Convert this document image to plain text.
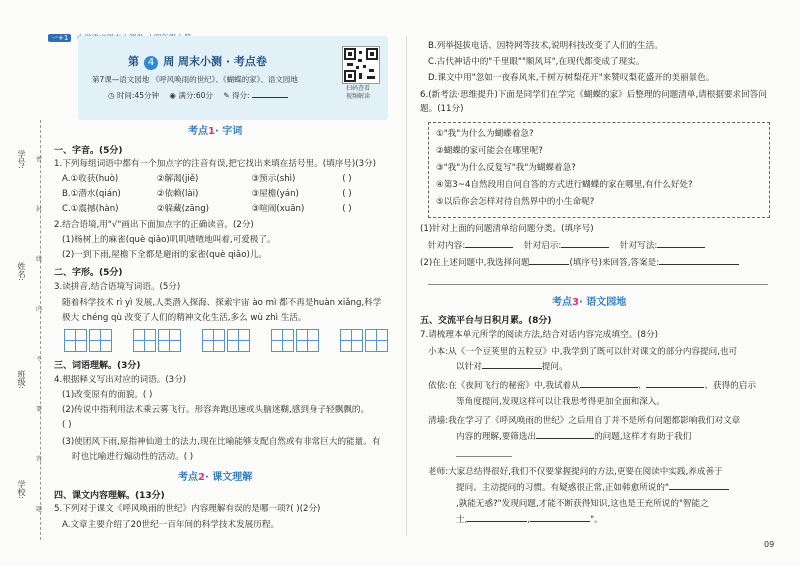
一+1
第 4 周 周末小测 · 考点卷
第7课—语文园地 《呼风唤雨的世纪》、《蝴蝶的家》、语文园地
◷ 时间:45分钟 ◉ 满分:60分 ✎ 得分:
扫码查看
视频解读
学号:
姓名:
班级:
学校:
密
封
线
内
不
要
答
题
考点1· 字词
一、字音。(5分)
1.下列每组词语中都有一个加点字的注音有误,把它找出来填在括号里。(填序号)(3分)
A.①收获(huò)	②解渴(jiě)	③预示(shì)	( )
B.①潜水(qián)	②依赖(lài)	③屋檐(yán)	( )
C.①震撼(hàn)	②躲藏(zāng)	③喧闹(xuān)	( )
2.结合语境,用"√"画出下面加点字的正确读音。(2分)
(1)杨树上的麻雀(què qiǎo)叽叽喳喳地叫着,可爱极了。
(2)一到下雨,屋檐下全都是避雨的家雀(què qiǎo)儿。
二、字形。(5分)
3.读拼音,结合语境写词语。(5分)
随着科学技术 rì yì 发展,人类潜入探海、探索宇宙 ào mì 都不再是huàn xiǎng,科学
极大 chéng qù 改变了人们的精神文化生活,多么 wù zhì 生活。

三、词语理解。(3分)
4.根据释义写出对应的词语。(3分)
(1)改变原有的面貌。( )
(2)传说中指利用法术乘云雾飞行。形容奔跑迅速或头脑迷糊,感到身子轻飘飘的。
( )
(3)使团风下雨,原指神仙道士的法力,现在比喻能够支配自然或有非常巨大的能量。有
时也比喻进行煽动性的活动。( )
考点2· 课文理解
四、课文内容理解。(13分)
5.下列对于课文《呼风唤雨的世纪》内容理解有误的是哪一项?( )(2分)
A.文章主要介绍了20世纪一百年间的科学技术发展历程。
B.列举挺拔电话、因特网等技术,说明科技改变了人们的生活。
C.古代神话中的"千里眼""顺风耳",在现代都变成了现实。
D.课文中用"忽如一夜春风来,千树万树梨花开"来赞叹梨花盛开的美丽景色。
6.(新考法·思维提升)下面是同学们在学完《蝴蝶的家》后整理的问题清单,请根据要求回答问题。(11分)
①"我"为什么为蝴蝶着急?
②蝴蝶的家可能会在哪里呢?
③"我"为什么反复写"我"为蝴蝶着急?
④第3~4自然段用自问自答的方式进行蝴蝶的家在哪里,有什么好处?
⑤以后你会怎样对待自然界中的小生命呢?
(1)针对上面的问题清单给问题分类。(填序号)
针对内容:	针对启示:	针对写法:
(2)在上述问题中,我选择问题	(填序号)来回答,答案是:
考点3· 语文园地
五、交流平台与日积月累。(8分)
7.请梳理本单元所学的阅读方法,结合对话内容完成填空。(8分)
小本:从《一个豆荚里的五粒豆》中,我学到了既可以针对课文的部分内容提问,也可
以针对	提问。
依依:在《夜间飞行的秘密》中,我试着从	、	、获得的启示
等角度提问,发现这样可以让我思考得更加全面和深入。
清墙:我在学习了《呼风唤雨的世纪》之后用自丁并不是所有问题都影响我们对文章
内容的理解,要筛选出	的问题,这样才有助于我们
老师:大家总结得很好,我们不仅要掌握提问的方法,更要在阅读中实践,养成善于
提问、主动提问的习惯。有疑惑很正常,正如韩愈所说的"
,孰能无惑?"发现问题,才能不断获得知识,这也是王充所说的"智能之
士,	,	"。
09
